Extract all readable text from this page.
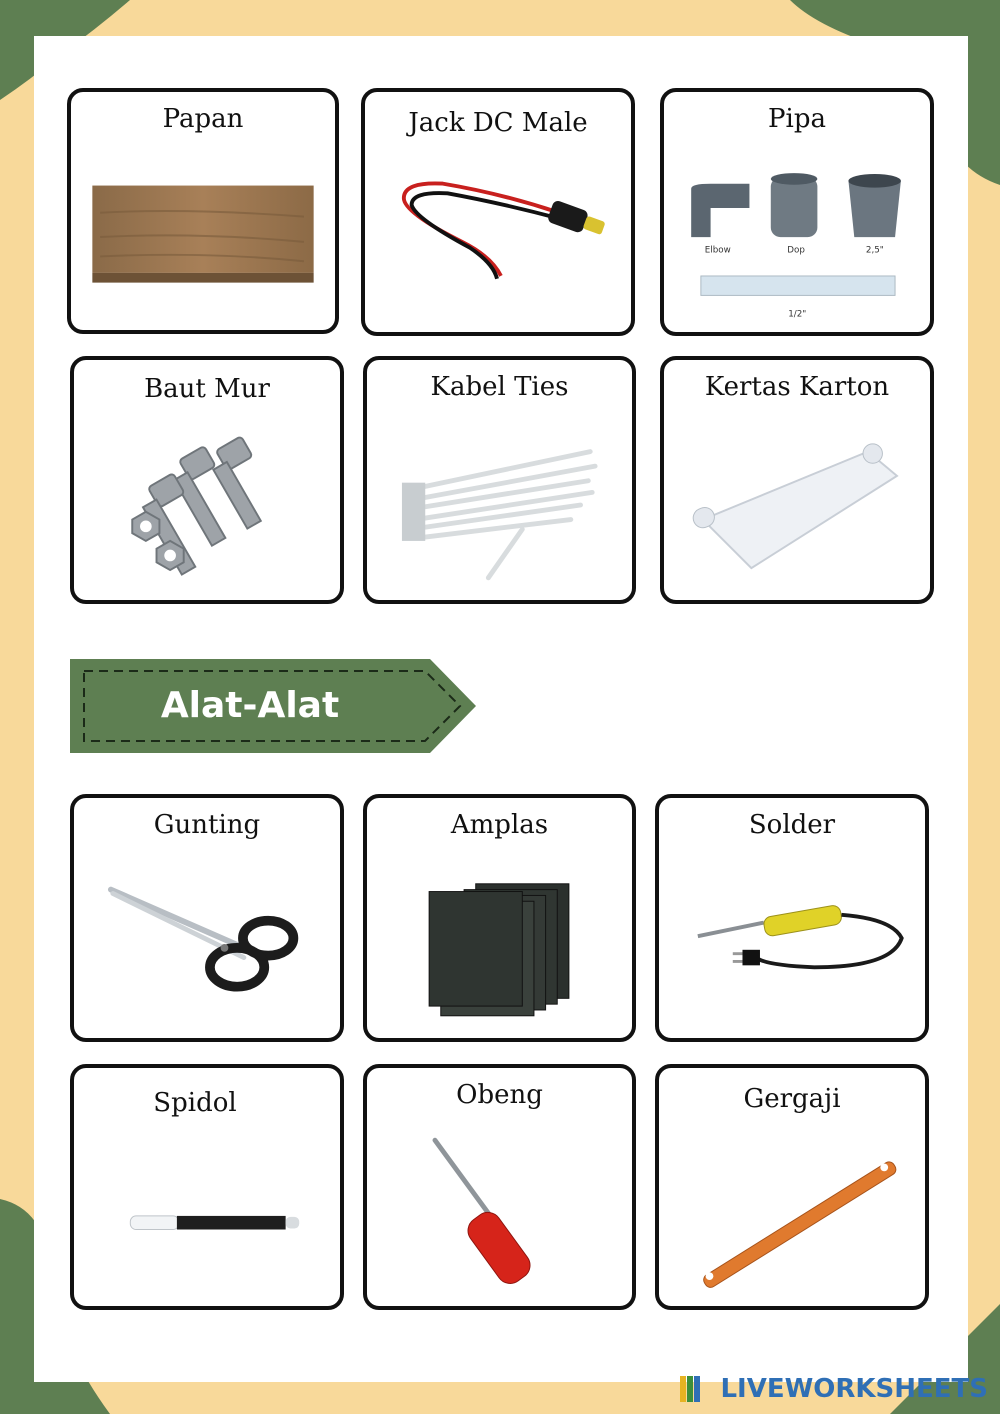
Papan	Jack DC Male	Pipa
Elbow	Dop	2,5"
1/2"
Baut Mur	Kabel Ties	Kertas Karton
Alat-Alat
Gunting	Amplas	Solder
Spidol	Obeng	Gergaji
LIVEWORKSHEETS
